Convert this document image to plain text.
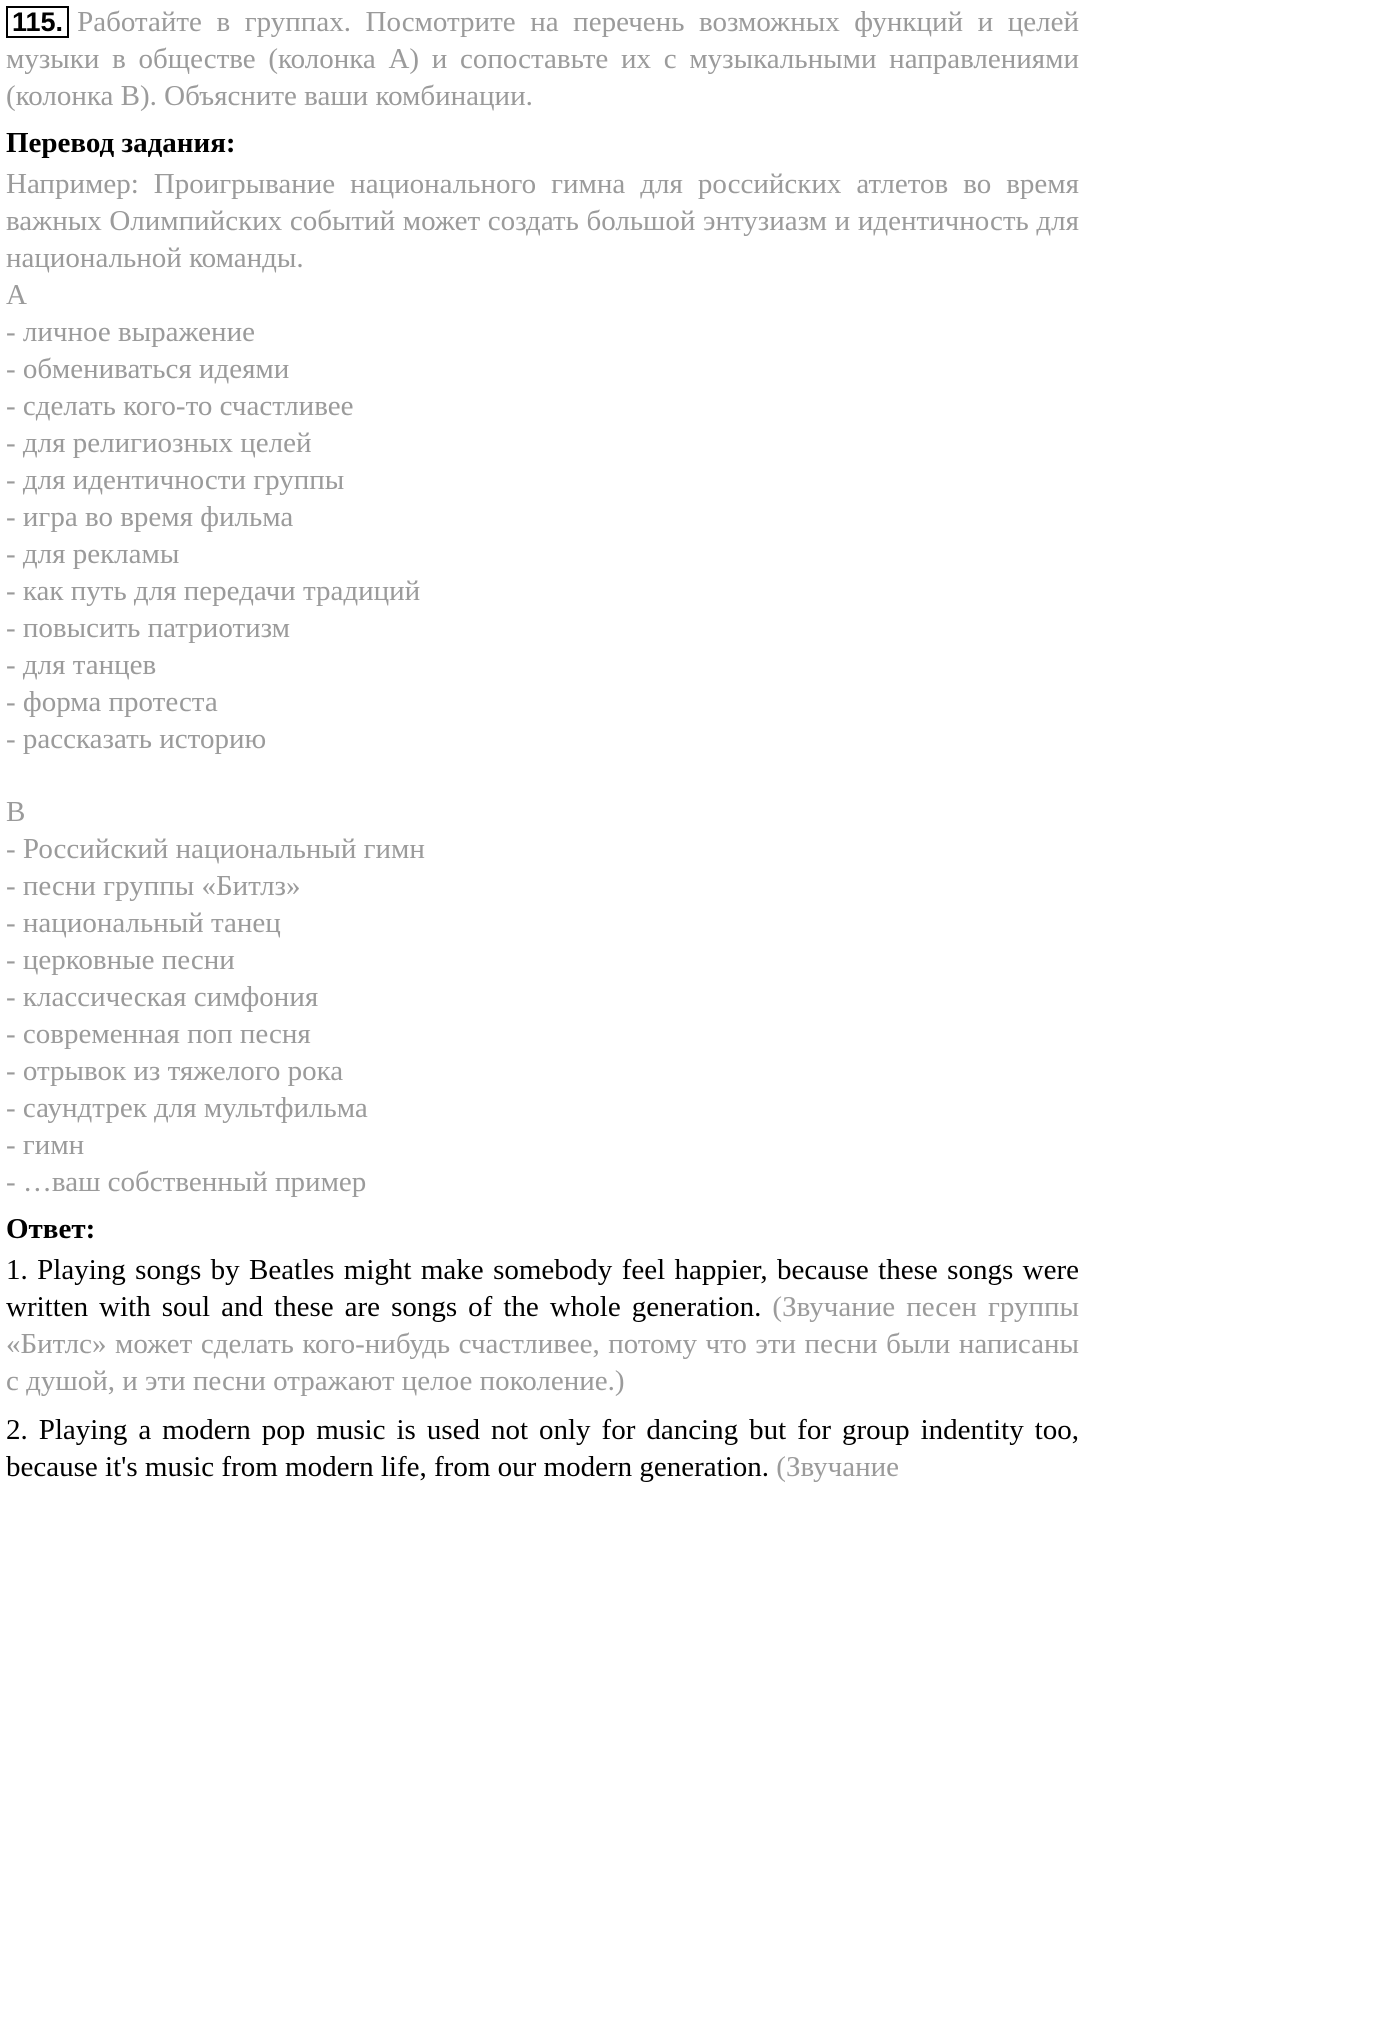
115. Работайте в группах. Посмотрите на перечень возможных функций и целей музыки в обществе (колонка А) и сопоставьте их с музыкальными направлениями (колонка В). Объясните ваши комбинации.

Перевод задания:

Например: Проигрывание национального гимна для российских атлетов во время важных Олимпийских событий может создать большой энтузиазм и идентичность для национальной команды.

А
- личное выражение
- обмениваться идеями
- сделать кого-то счастливее
- для религиозных целей
- для идентичности группы
- игра во время фильма
- для рекламы
- как путь для передачи традиций
- повысить патриотизм
- для танцев
- форма протеста
- рассказать историю
В
- Российский национальный гимн
- песни группы «Битлз»
- национальный танец
- церковные песни
- классическая симфония
- современная поп песня
- отрывок из тяжелого рока
- саундтрек для мультфильма
- гимн
- …ваш собственный пример
Ответ:

1. Playing songs by Beatles might make somebody feel happier, because these songs were written with soul and these are songs of the whole generation. (Звучание песен группы «Битлс» может сделать кого-нибудь счастливее, потому что эти песни были написаны с душой, и эти песни отражают целое поколение.)

2. Playing a modern pop music is used not only for dancing but for group indentity too, because it's music from modern life, from our modern generation. (Звучание
